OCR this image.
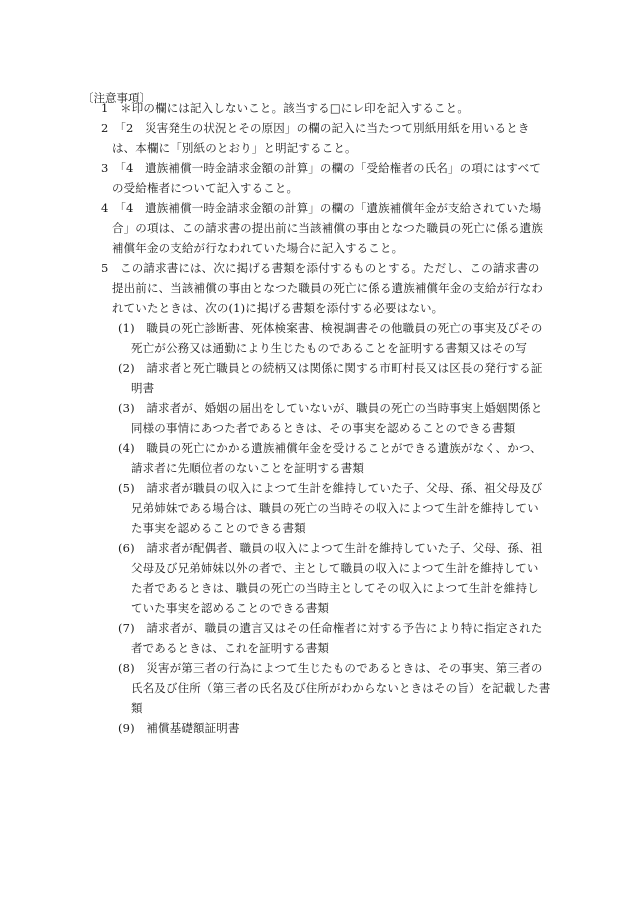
〔注意事項〕
1　＊印の欄には記入しないこと。該当する□にレ印を記入すること。
2　「2　災害発生の状況とその原因」の欄の記入に当たつて別紙用紙を用いるとき
は、本欄に「別紙のとおり」と明記すること。
3　「4　遺族補償一時金請求金額の計算」の欄の「受給権者の氏名」の項にはすべて
の受給権者について記入すること。
4　「4　遺族補償一時金請求金額の計算」の欄の「遺族補償年金が支給されていた場
合」の項は、この請求書の提出前に当該補償の事由となつた職員の死亡に係る遺族
補償年金の支給が行なわれていた場合に記入すること。
5　この請求書には、次に掲げる書類を添付するものとする。ただし、この請求書の
提出前に、当該補償の事由となつた職員の死亡に係る遺族補償年金の支給が行なわ
れていたときは、次の(1)に掲げる書類を添付する必要はない。
(1)　職員の死亡診断書、死体検案書、検視調書その他職員の死亡の事実及びその
死亡が公務又は通勤により生じたものであることを証明する書類又はその写
(2)　請求者と死亡職員との続柄又は関係に関する市町村長又は区長の発行する証
明書
(3)　請求者が、婚姻の届出をしていないが、職員の死亡の当時事実上婚姻関係と
同様の事情にあつた者であるときは、その事実を認めることのできる書類
(4)　職員の死亡にかかる遺族補償年金を受けることができる遺族がなく、かつ、
請求者に先順位者のないことを証明する書類
(5)　請求者が職員の収入によつて生計を維持していた子、父母、孫、祖父母及び
兄弟姉妹である場合は、職員の死亡の当時その収入によつて生計を維持してい
た事実を認めることのできる書類
(6)　請求者が配偶者、職員の収入によつて生計を維持していた子、父母、孫、祖
父母及び兄弟姉妹以外の者で、主として職員の収入によつて生計を維持してい
た者であるときは、職員の死亡の当時主としてその収入によつて生計を維持し
ていた事実を認めることのできる書類
(7)　請求者が、職員の遺言又はその任命権者に対する予告により特に指定された
者であるときは、これを証明する書類
(8)　災害が第三者の行為によつて生じたものであるときは、その事実、第三者の
氏名及び住所（第三者の氏名及び住所がわからないときはその旨）を記載した書
類
(9)　補償基礎額証明書
